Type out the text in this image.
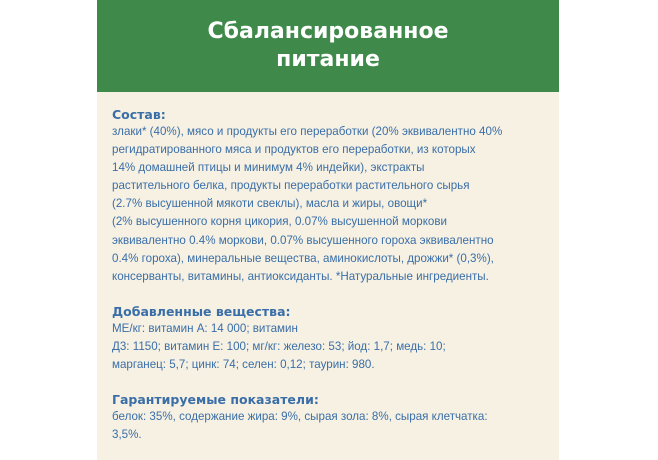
Сбалансированное питание

Состав:

злаки* (40%), мясо и продукты его переработки (20% эквивалентно 40%
регидратированного мяса и продуктов его переработки, из которых
14% домашней птицы и минимум 4% индейки), экстракты
растительного белка, продукты переработки растительного сырья
(2.7% высушенной мякоти свеклы), масла и жиры, овощи*
(2% высушенного корня цикория, 0.07% высушенной моркови
эквивалентно 0.4% моркови, 0.07% высушенного гороха эквивалентно
0.4% гороха), минеральные вещества, аминокислоты, дрожжи* (0,3%),
консерванты, витамины, антиоксиданты. *Натуральные ингредиенты.

Добавленные вещества:

МЕ/кг: витамин А: 14 000; витамин
Д3: 1150; витамин Е: 100; мг/кг: железо: 53; йод: 1,7; медь: 10;
марганец: 5,7; цинк: 74; селен: 0,12; таурин: 980.

Гарантируемые показатели:

белок: 35%, содержание жира: 9%, сырая зола: 8%, сырая клетчатка:
3,5%.
